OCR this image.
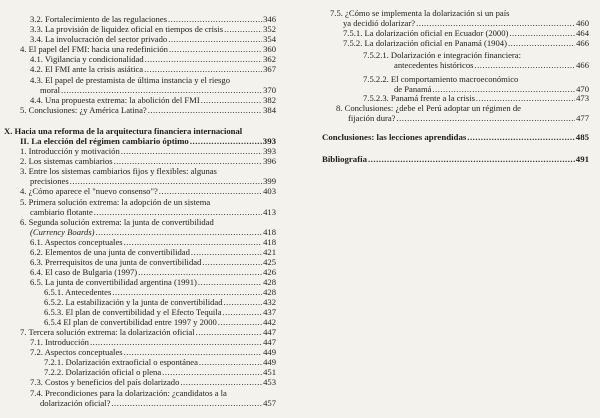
3.2. Fortalecimiento de las regulaciones .....	346
3.3. La provisión de liquidez oficial en tiempos de crisis .....	352
3.4. La involucración del sector privado .....	354
4. El papel del FMI: hacia una redefinición .....	360
4.1. Vigilancia y condicionalidad .....	362
4.2. El FMI ante la crisis asiática .....	367
4.3. El papel de prestamista de última instancia y el riesgo
moral .....	370
4.4. Una propuesta extrema: la abolición del FMI .....	382
5. Conclusiones: ¿y América Latina? .....	384
X. Hacia una reforma de la arquitectura financiera internacional
II. La elección del régimen cambiario óptimo .....	393
1. Introducción y motivación .....	393
2. Los sistemas cambiarios .....	396
3. Entre los sistemas cambiarios fijos y flexibles: algunas
precisiones .....	399
4. ¿Cómo aparece el "nuevo consenso"? .....	403
5. Primera solución extrema: la adopción de un sistema
cambiario flotante .....	413
6. Segunda solución extrema: la junta de convertibilidad
(Currency Boards) .....	418
6.1. Aspectos conceptuales .....	418
6.2. Elementos de una junta de convertibilidad .....	421
6.3. Prerrequisitos de una junta de convertibilidad .....	425
6.4. El caso de Bulgaria (1997) .....	426
6.5. La junta de convertibilidad argentina (1991) .....	428
6.5.1. Antecedentes .....	428
6.5.2. La estabilización y la junta de convertibilidad .....	432
6.5.3. El plan de convertibilidad y el Efecto Tequila .....	437
6.5.4 El plan de convertibilidad entre 1997 y 2000 .....	442
7. Tercera solución extrema: la dolarización oficial .....	447
7.1. Introducción .....	447
7.2. Aspectos conceptuales .....	449
7.2.1. Dolarización extraoficial o espontánea .....	449
7.2.2. Dolarización oficial o plena .....	451
7.3. Costos y beneficios del país dolarizado .....	453
7.4. Precondiciones para la dolarización: ¿candidatos a la
dolarización oficial? .....	457
7.5. ¿Cómo se implementa la dolarización si un país
ya decidió dolarizar? .....	460
7.5.1. La dolarización oficial en Ecuador (2000) .....	464
7.5.2. La dolarización oficial en Panamá (1904) .....	466
7.5.2.1. Dolarización e integración financiera:
antecedentes históricos .....	466
7.5.2.2. El comportamiento macroeconómico
de Panamá .....	470
7.5.2.3. Panamá frente a la crisis .....	473
8. Conclusiones: ¿debe el Perú adoptar un régimen de
fijación dura? .....	477
Conclusiones: las lecciones aprendidas .....	485
Bibliografía .....	491
